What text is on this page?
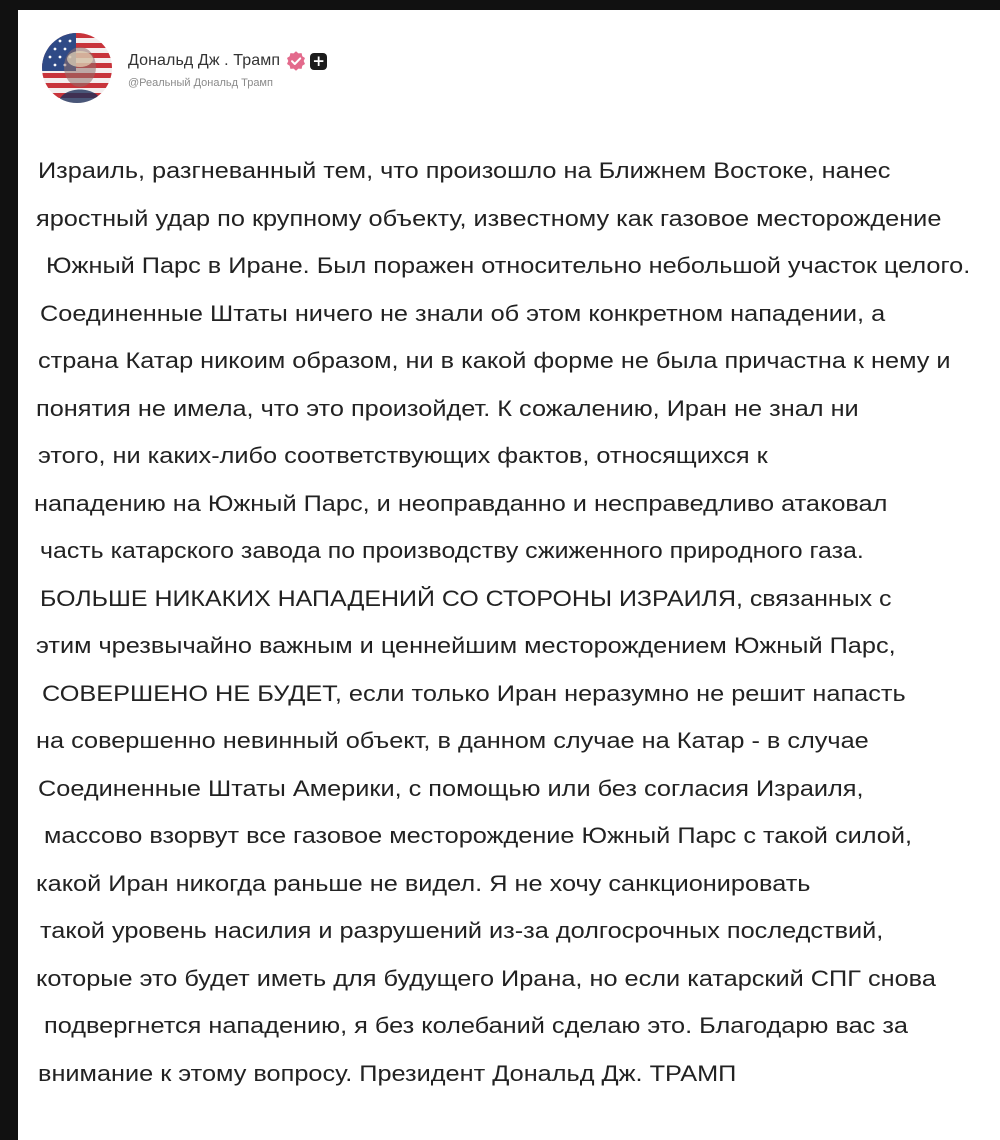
Дональд Дж . Трамп +
@Реальный Дональд Трамп
Израиль, разгневанный тем, что произошло на Ближнем Востоке, нанес
яростный удар по крупному объекту, известному как газовое месторождение
Южный Парс в Иране. Был поражен относительно небольшой участок целого.
Соединенные Штаты ничего не знали об этом конкретном нападении, а
страна Катар никоим образом, ни в какой форме не была причастна к нему и
понятия не имела, что это произойдет. К сожалению, Иран не знал ни
этого, ни каких-либо соответствующих фактов, относящихся к
нападению на Южный Парс, и неоправданно и несправедливо атаковал
часть катарского завода по производству сжиженного природного газа.
БОЛЬШЕ НИКАКИХ НАПАДЕНИЙ СО СТОРОНЫ ИЗРАИЛЯ, связанных с
этим чрезвычайно важным и ценнейшим месторождением Южный Парс,
СОВЕРШЕНО НЕ БУДЕТ, если только Иран неразумно не решит напасть
на совершенно невинный объект, в данном случае на Катар - в случае
Соединенные Штаты Америки, с помощью или без согласия Израиля,
массово взорвут все газовое месторождение Южный Парс с такой силой,
какой Иран никогда раньше не видел. Я не хочу санкционировать
такой уровень насилия и разрушений из-за долгосрочных последствий,
которые это будет иметь для будущего Ирана, но если катарский СПГ снова
подвергнется нападению, я без колебаний сделаю это. Благодарю вас за
внимание к этому вопросу. Президент Дональд Дж. ТРАМП
